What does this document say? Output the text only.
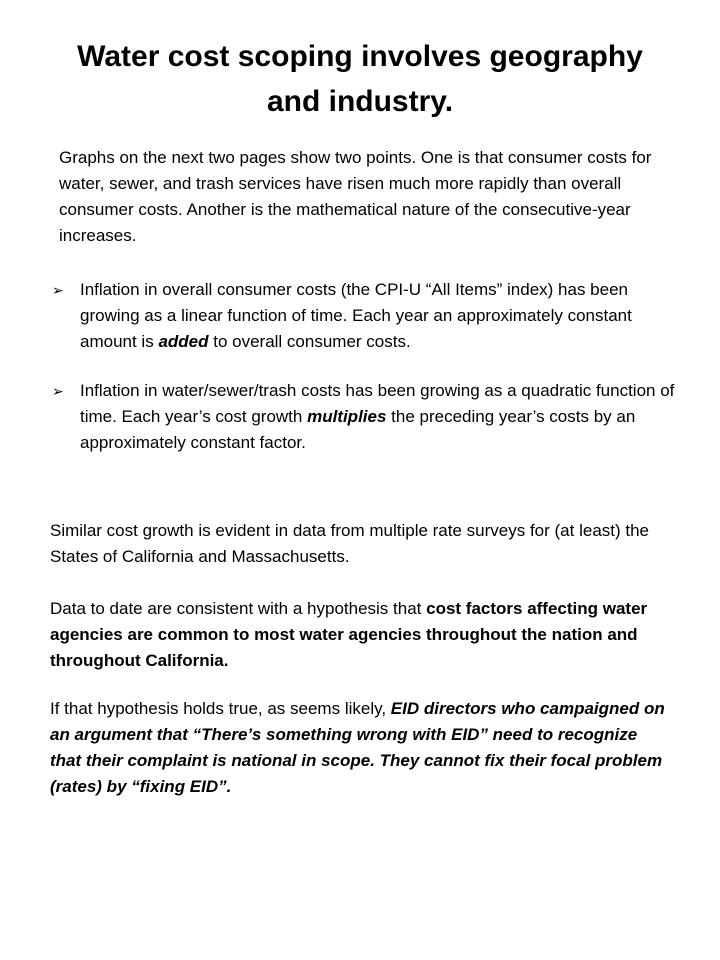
Water cost scoping involves geography
and industry.

Graphs on the next two pages show two points. One is that consumer costs for water, sewer, and trash services have risen much more rapidly than overall consumer costs. Another is the mathematical nature of the consecutive-year increases.

➢ Inflation in overall consumer costs (the CPI-U “All Items” index) has been growing as a linear function of time. Each year an approximately constant amount is added to overall consumer costs.
➢ Inflation in water/sewer/trash costs has been growing as a quadratic function of time. Each year’s cost growth multiplies the preceding year’s costs by an approximately constant factor.

Similar cost growth is evident in data from multiple rate surveys for (at least) the States of California and Massachusetts.

Data to date are consistent with a hypothesis that cost factors affecting water agencies are common to most water agencies throughout the nation and throughout California.

If that hypothesis holds true, as seems likely, EID directors who campaigned on an argument that “There’s something wrong with EID” need to recognize that their complaint is national in scope. They cannot fix their focal problem (rates) by “fixing EID”.
